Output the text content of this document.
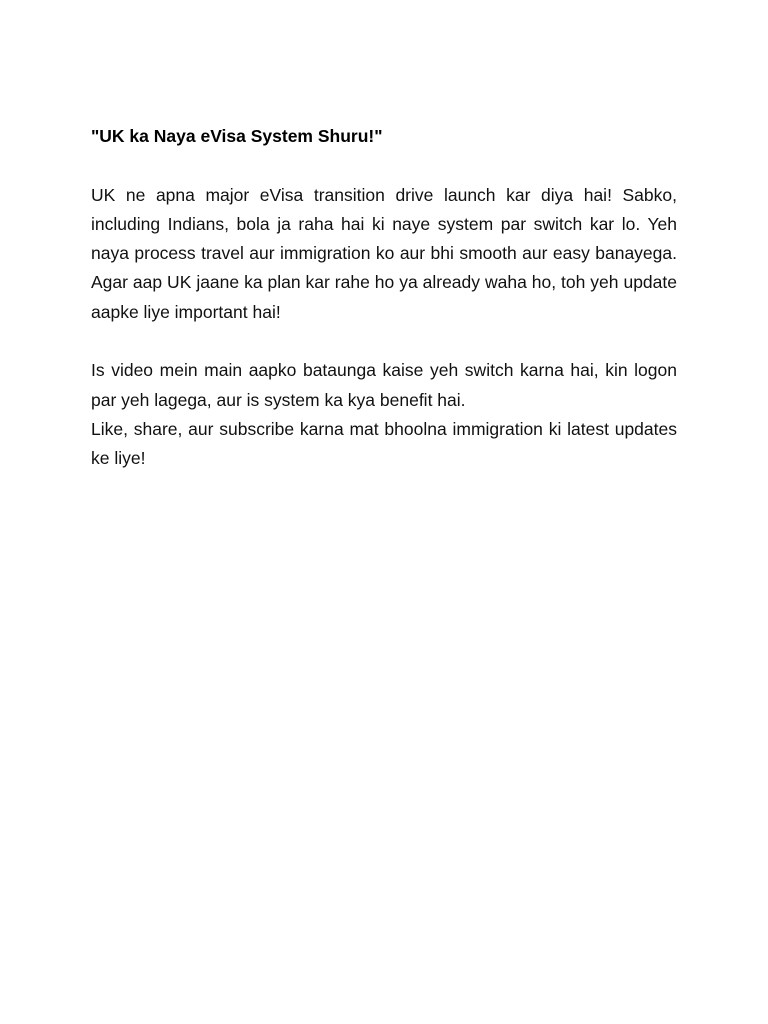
"UK ka Naya eVisa System Shuru!"

UK ne apna major eVisa transition drive launch kar diya hai! Sabko, including Indians, bola ja raha hai ki naye system par switch kar lo. Yeh naya process travel aur immigration ko aur bhi smooth aur easy banayega. Agar aap UK jaane ka plan kar rahe ho ya already waha ho, toh yeh update aapke liye important hai!

Is video mein main aapko bataunga kaise yeh switch karna hai, kin logon par yeh lagega, aur is system ka kya benefit hai.

Like, share, aur subscribe karna mat bhoolna immigration ki latest updates ke liye!
